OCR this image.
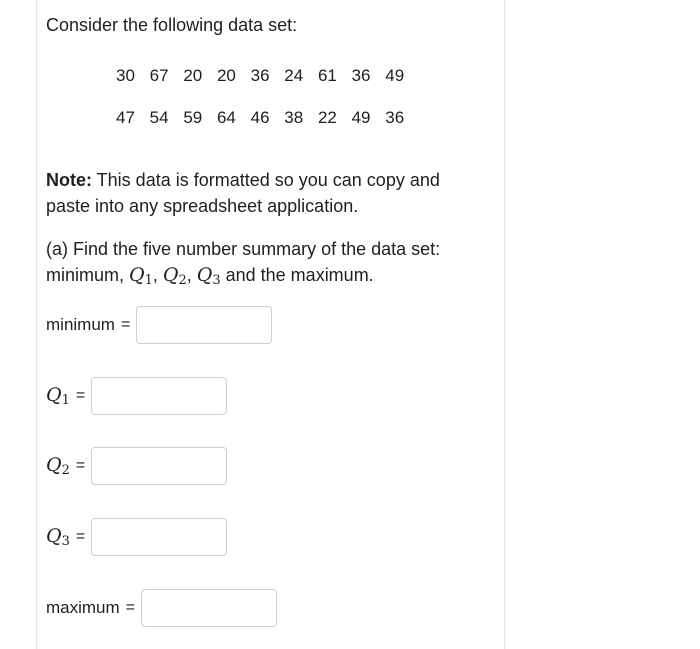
Consider the following data set:

30 67 20 20 36 24 61 36 49
47 54 59 64 46 38 22 49 36

Note: This data is formatted so you can copy and paste into any spreadsheet application.

(a) Find the five number summary of the data set: minimum, $Q_1$, $Q_2$, $Q_3$ and the maximum.

minimum =
$Q_1$ =
$Q_2$ =
$Q_3$ =
maximum =
